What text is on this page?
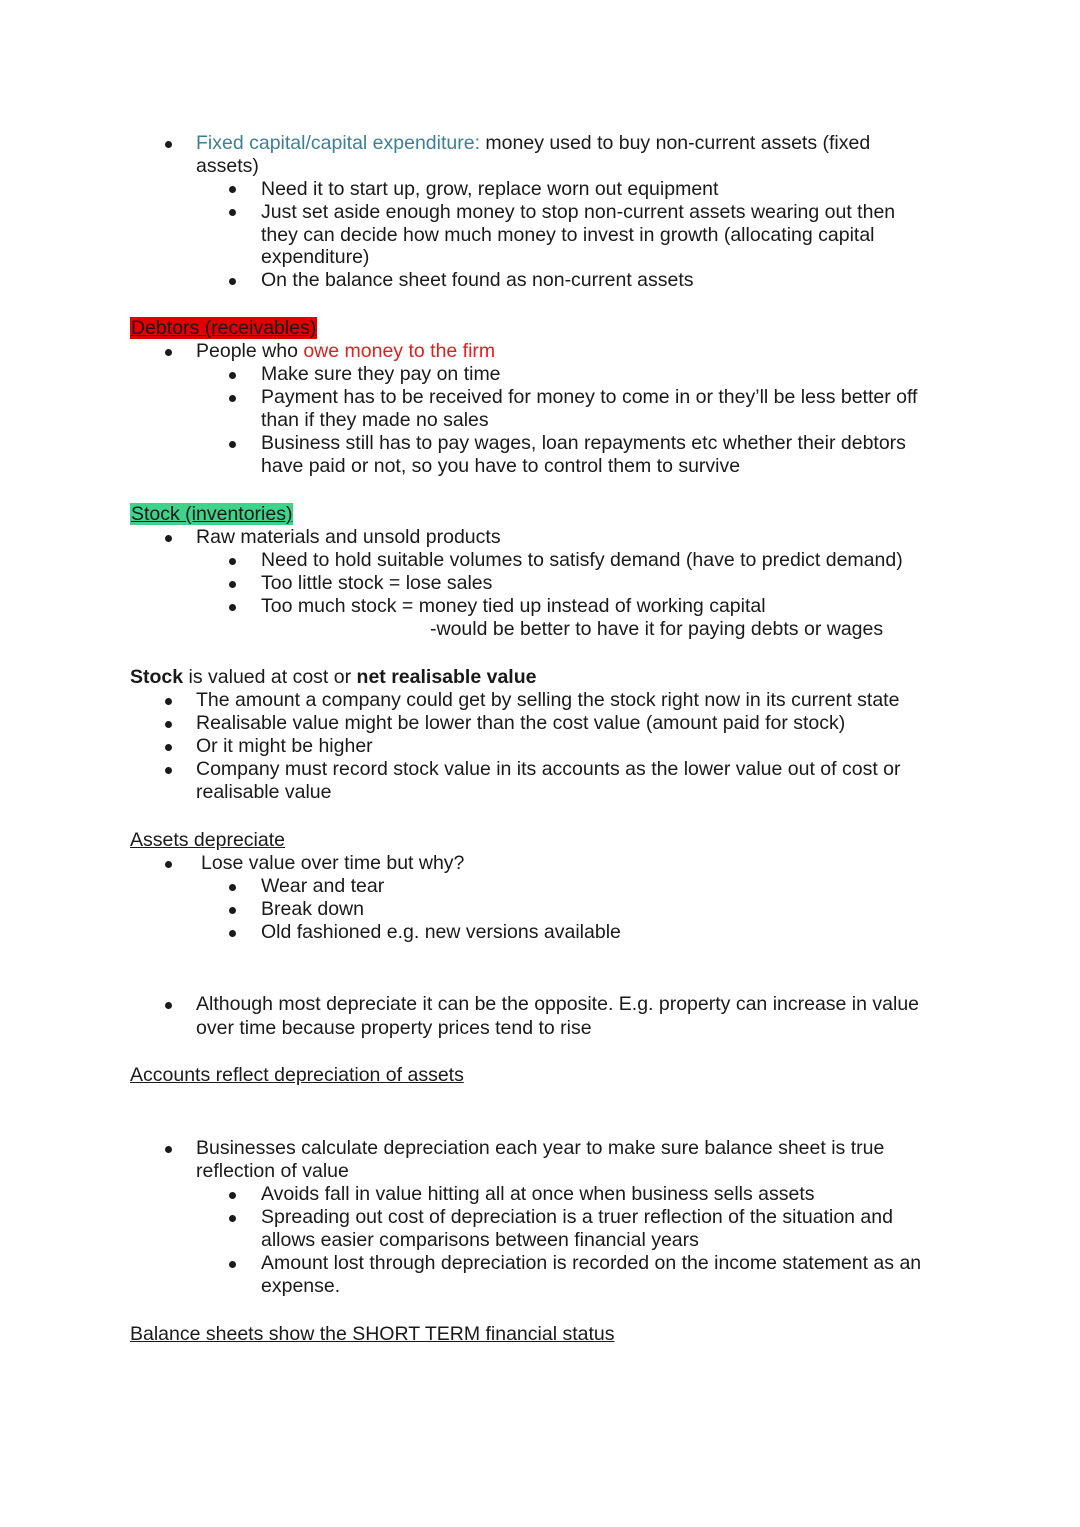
Fixed capital/capital expenditure: money used to buy non-current assets (fixed
assets)
Need it to start up, grow, replace worn out equipment
Just set aside enough money to stop non-current assets wearing out then
they can decide how much money to invest in growth (allocating capital
expenditure)
On the balance sheet found as non-current assets
Debtors (receivables)
People who owe money to the firm
Make sure they pay on time
Payment has to be received for money to come in or they’ll be less better off
than if they made no sales
Business still has to pay wages, loan repayments etc whether their debtors
have paid or not, so you have to control them to survive
Stock (inventories)
Raw materials and unsold products
Need to hold suitable volumes to satisfy demand (have to predict demand)
Too little stock = lose sales
Too much stock = money tied up instead of working capital
-would be better to have it for paying debts or wages
Stock is valued at cost or net realisable value
The amount a company could get by selling the stock right now in its current state
Realisable value might be lower than the cost value (amount paid for stock)
Or it might be higher
Company must record stock value in its accounts as the lower value out of cost or
realisable value
Assets depreciate
Lose value over time but why?
Wear and tear
Break down
Old fashioned e.g. new versions available
Although most depreciate it can be the opposite. E.g. property can increase in value
over time because property prices tend to rise
Accounts reflect depreciation of assets
Businesses calculate depreciation each year to make sure balance sheet is true
reflection of value
Avoids fall in value hitting all at once when business sells assets
Spreading out cost of depreciation is a truer reflection of the situation and
allows easier comparisons between financial years
Amount lost through depreciation is recorded on the income statement as an
expense.
Balance sheets show the SHORT TERM financial status
